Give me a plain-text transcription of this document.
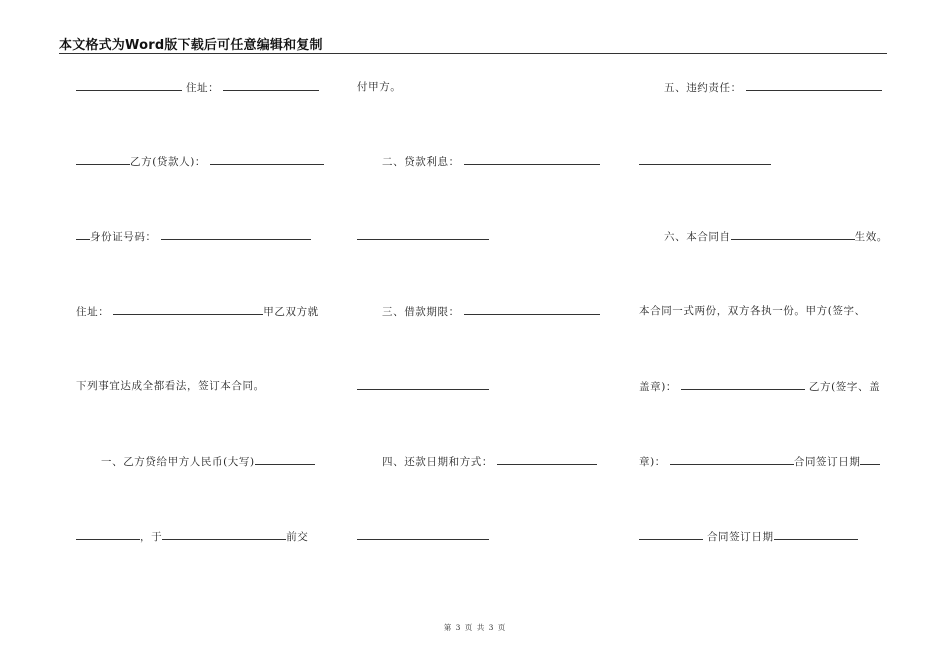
本文格式为Word版下载后可任意编辑和复制
住址：
乙方(贷款人)：
身份证号码：
住址：	甲乙双方就
下列事宜达成全都看法，签订本合同。
一、乙方贷给甲方人民币(大写)
，于	前交
付甲方。
二、贷款利息：
三、借款期限：
四、还款日期和方式：
五、违约责任：
六、本合同自	生效。
本合同一式两份，双方各执一份。甲方(签字、
盖章)：	乙方(签字、盖
章)：	合同签订日期
合同签订日期
第 3 页 共 3 页
